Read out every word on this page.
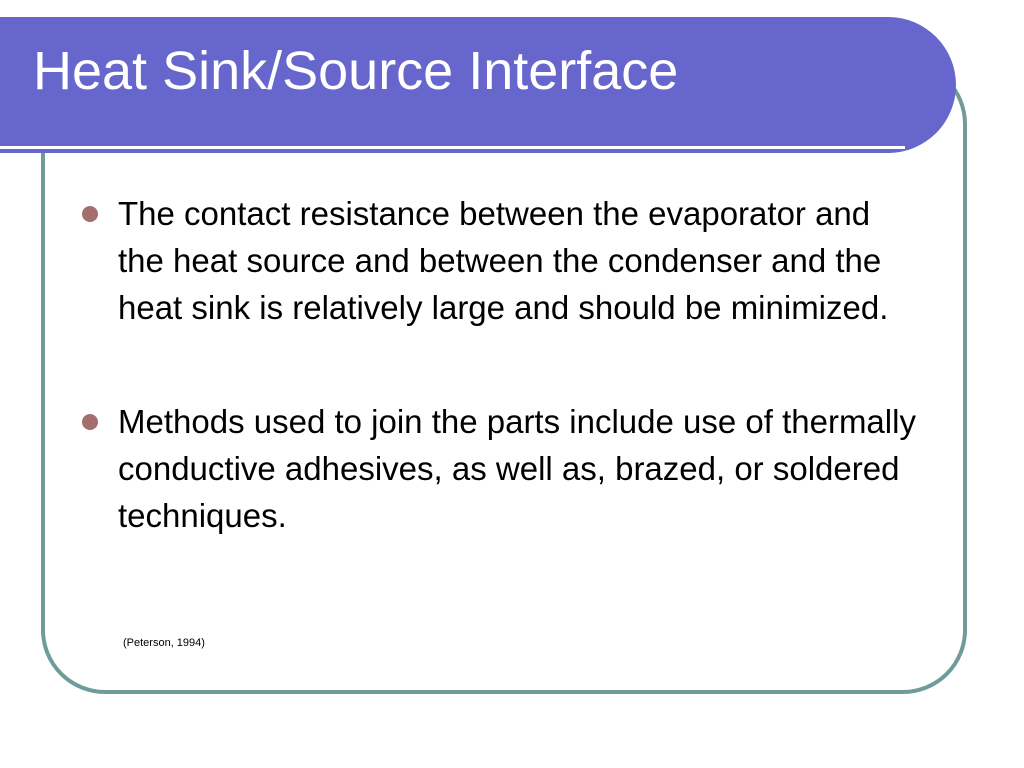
Heat Sink/Source Interface
The contact resistance between the evaporator and the heat source and between the condenser and the heat sink is relatively large and should be minimized.
Methods used to join the parts include use of thermally conductive adhesives, as well as, brazed, or soldered techniques.
(Peterson, 1994)
